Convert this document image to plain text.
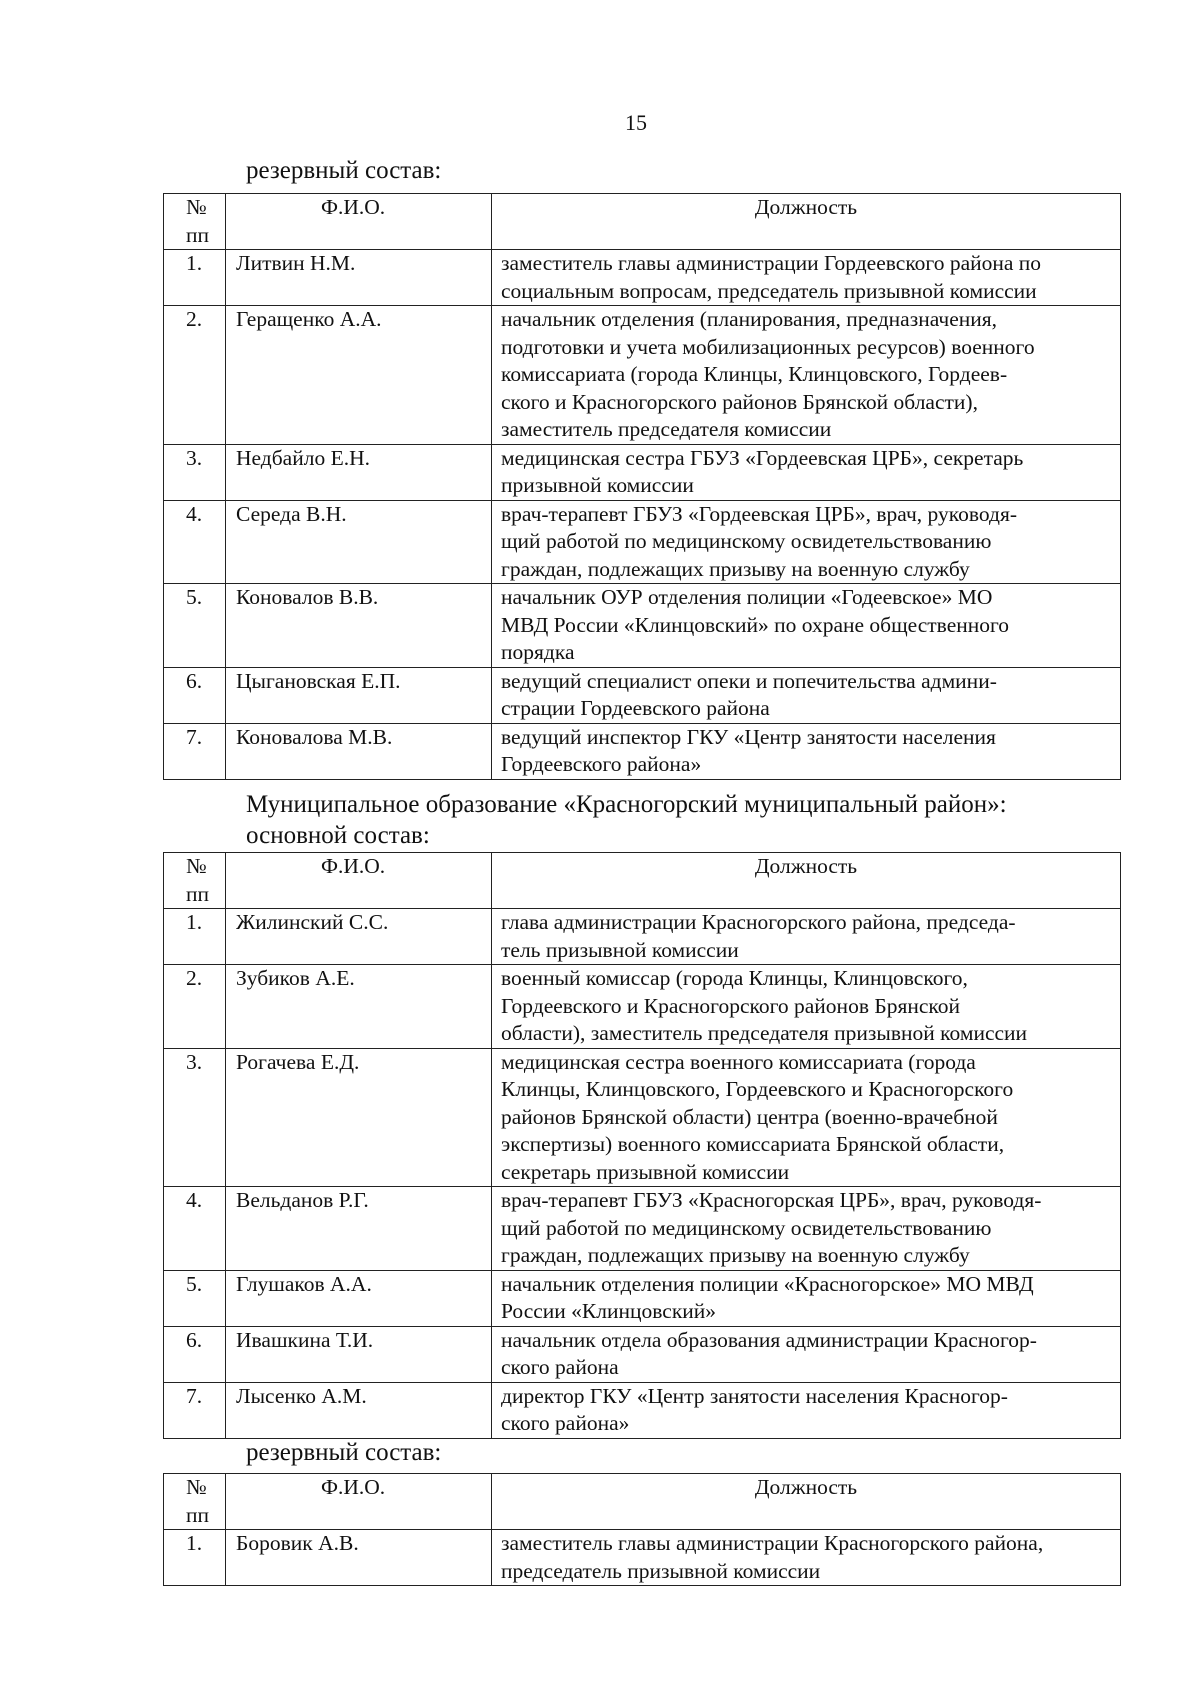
15
резервный состав:
№
пп	Ф.И.О.	Должность
1.	Литвин Н.М.	заместитель главы администрации Гордеевского района по
социальным вопросам, председатель призывной комиссии

2.	Геращенко А.А.	начальник отделения (планирования, предназначения,
подготовки и учета мобилизационных ресурсов) военного
комиссариата (города Клинцы, Клинцовского, Гордеев-
ского и Красногорского районов Брянской области),
заместитель председателя комиссии

3.	Недбайло Е.Н.	медицинская сестра ГБУЗ «Гордеевская ЦРБ», секретарь
призывной комиссии

4.	Середа В.Н.	врач-терапевт ГБУЗ «Гордеевская ЦРБ», врач, руководя-
щий работой по медицинскому освидетельствованию
граждан, подлежащих призыву на военную службу

5.	Коновалов В.В.	начальник ОУР отделения полиции «Годеевское» МО
МВД России «Клинцовский» по охране общественного
порядка

6.	Цыгановская Е.П.	ведущий специалист опеки и попечительства админи-
страции Гордеевского района

7.	Коновалова М.В.	ведущий инспектор ГКУ «Центр занятости населения
Гордеевского района»
Муниципальное образование «Красногорский муниципальный район»:
основной состав:
№
пп	Ф.И.О.	Должность
1.	Жилинский С.С.	глава администрации Красногорского района, председа-
тель призывной комиссии

2.	Зубиков А.Е.	военный комиссар (города Клинцы, Клинцовского,
Гордеевского и Красногорского районов Брянской
области), заместитель председателя призывной комиссии

3.	Рогачева Е.Д.	медицинская сестра военного комиссариата (города
Клинцы, Клинцовского, Гордеевского и Красногорского
районов Брянской области) центра (военно-врачебной
экспертизы) военного комиссариата Брянской области,
секретарь призывной комиссии

4.	Вельданов Р.Г.	врач-терапевт ГБУЗ «Красногорская ЦРБ», врач, руководя-
щий работой по медицинскому освидетельствованию
граждан, подлежащих призыву на военную службу

5.	Глушаков А.А.	начальник отделения полиции «Красногорское» МО МВД
России «Клинцовский»

6.	Ивашкина Т.И.	начальник отдела образования администрации Красногор-
ского района

7.	Лысенко А.М.	директор ГКУ «Центр занятости населения Красногор-
ского района»
резервный состав:
№
пп	Ф.И.О.	Должность
1.	Боровик А.В.	заместитель главы администрации Красногорского района,
председатель призывной комиссии
